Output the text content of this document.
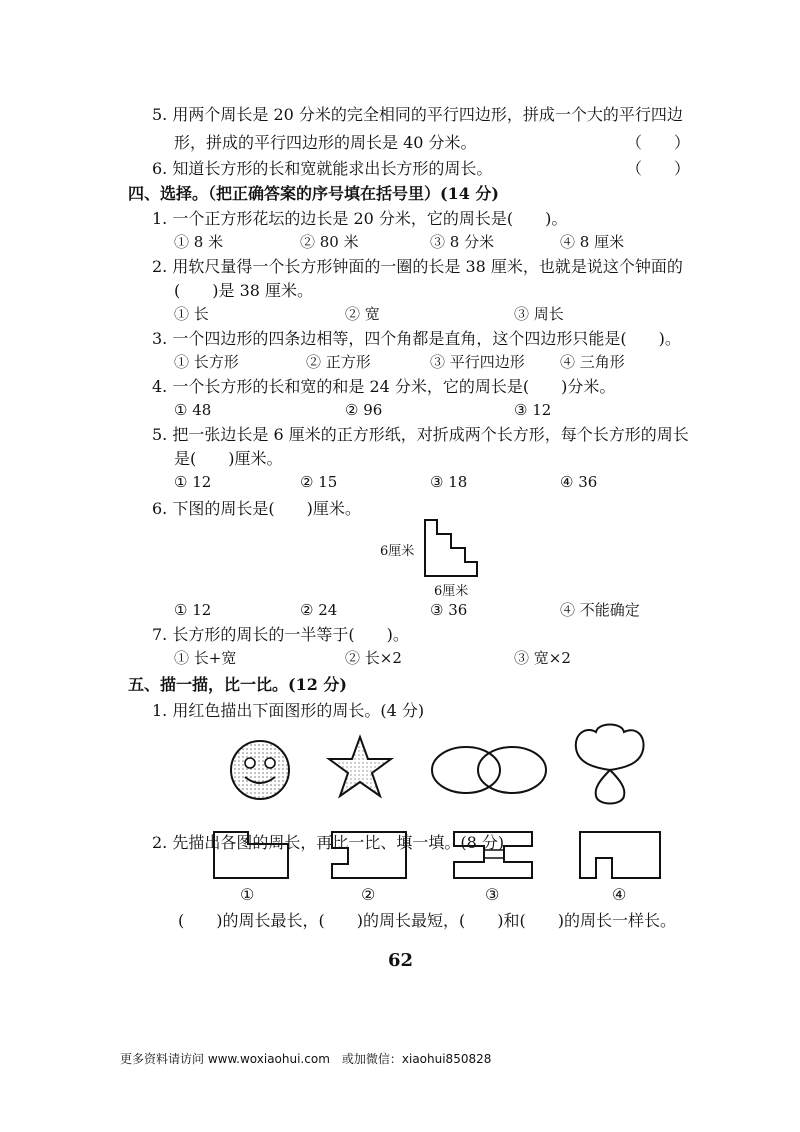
5. 用两个周长是 20 分米的完全相同的平行四边形，拼成一个大的平行四边
形，拼成的平行四边形的周长是 40 分米。	（　　）
6. 知道长方形的长和宽就能求出长方形的周长。	（　　）
四、选择。（把正确答案的序号填在括号里）(14 分)
1. 一个正方形花坛的边长是 20 分米，它的周长是(　　)。
① 8 米	② 80 米	③ 8 分米	④ 8 厘米
2. 用软尺量得一个长方形钟面的一圈的长是 38 厘米，也就是说这个钟面的
(　　)是 38 厘米。
① 长	② 宽	③ 周长
3. 一个四边形的四条边相等，四个角都是直角，这个四边形只能是(　　)。
① 长方形	② 正方形	③ 平行四边形 ④ 三角形
4. 一个长方形的长和宽的和是 24 分米，它的周长是(　　)分米。
① 48	② 96	③ 12
5. 把一张边长是 6 厘米的正方形纸，对折成两个长方形，每个长方形的周长
是(　　)厘米。
① 12	② 15	③ 18	④ 36
6. 下图的周长是(　　)厘米。
6厘米
6厘米
① 12	② 24	③ 36	④ 不能确定
7. 长方形的周长的一半等于(　　)。
① 长+宽	② 长×2	③ 宽×2
五、描一描，比一比。(12 分)
1. 用红色描出下面图形的周长。(4 分)
2. 先描出各图的周长，再比一比、填一填。(8 分)
①	②	③	④
(　　)的周长最长，(　　)的周长最短，(　　)和(　　)的周长一样长。
62
更多资料请访问 www.woxiaohui.com　或加微信：xiaohui850828
